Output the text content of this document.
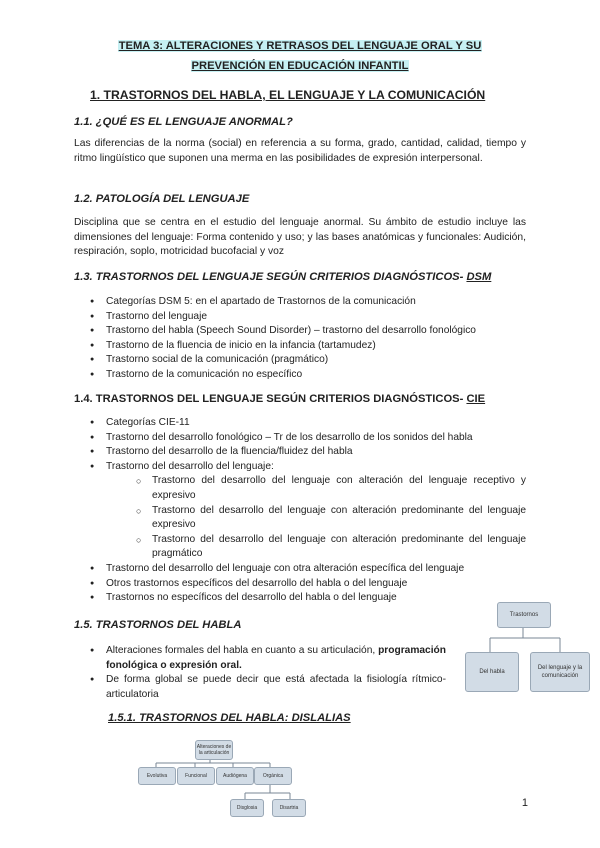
TEMA 3: ALTERACIONES Y RETRASOS DEL LENGUAJE ORAL Y SU
PREVENCIÓN EN EDUCACIÓN INFANTIL
1. TRASTORNOS DEL HABLA, EL LENGUAJE Y LA COMUNICACIÓN
1.1. ¿QUÉ ES EL LENGUAJE ANORMAL?
Las diferencias de la norma (social) en referencia a su forma, grado, cantidad, calidad, tiempo y ritmo lingüístico que suponen una merma en las posibilidades de expresión interpersonal.
1.2. PATOLOGÍA DEL LENGUAJE
Disciplina que se centra en el estudio del lenguaje anormal. Su ámbito de estudio incluye las dimensiones del lenguaje: Forma contenido y uso; y las bases anatómicas y funcionales: Audición, respiración, soplo, motricidad bucofacial y voz
1.3. TRASTORNOS DEL LENGUAJE SEGÚN CRITERIOS DIAGNÓSTICOS- DSM
● Categorías DSM 5: en el apartado de Trastornos de la comunicación
● Trastorno del lenguaje
● Trastorno del habla (Speech Sound Disorder) – trastorno del desarrollo fonológico
● Trastorno de la fluencia de inicio en la infancia (tartamudez)
● Trastorno social de la comunicación (pragmático)
● Trastorno de la comunicación no específico
1.4. TRASTORNOS DEL LENGUAJE SEGÚN CRITERIOS DIAGNÓSTICOS- CIE
● Categorías CIE-11
● Trastorno del desarrollo fonológico – Tr de los desarrollo de los sonidos del habla
● Trastorno del desarrollo de la fluencia/fluidez del habla
● Trastorno del desarrollo del lenguaje:
○ Trastorno del desarrollo del lenguaje con alteración del lenguaje receptivo y expresivo
○ Trastorno del desarrollo del lenguaje con alteración predominante del lenguaje expresivo
○ Trastorno del desarrollo del lenguaje con alteración predominante del lenguaje pragmático
● Trastorno del desarrollo del lenguaje con otra alteración específica del lenguaje
● Otros trastornos específicos del desarrollo del habla o del lenguaje
● Trastornos no específicos del desarrollo del habla o del lenguaje
1.5. TRASTORNOS DEL HABLA
● Alteraciones formales del habla en cuanto a su articulación, programación fonológica o expresión oral.
● De forma global se puede decir que está afectada la fisiología rítmico-articulatoria
1.5.1. TRASTORNOS DEL HABLA: DISLALIAS
Trastornos
Del habla
Del lenguaje y la comunicación
Alteraciones de la articulación
Evolutiva	Funcional	Audiógena	Orgánica
Disglosia	Disartria	1
